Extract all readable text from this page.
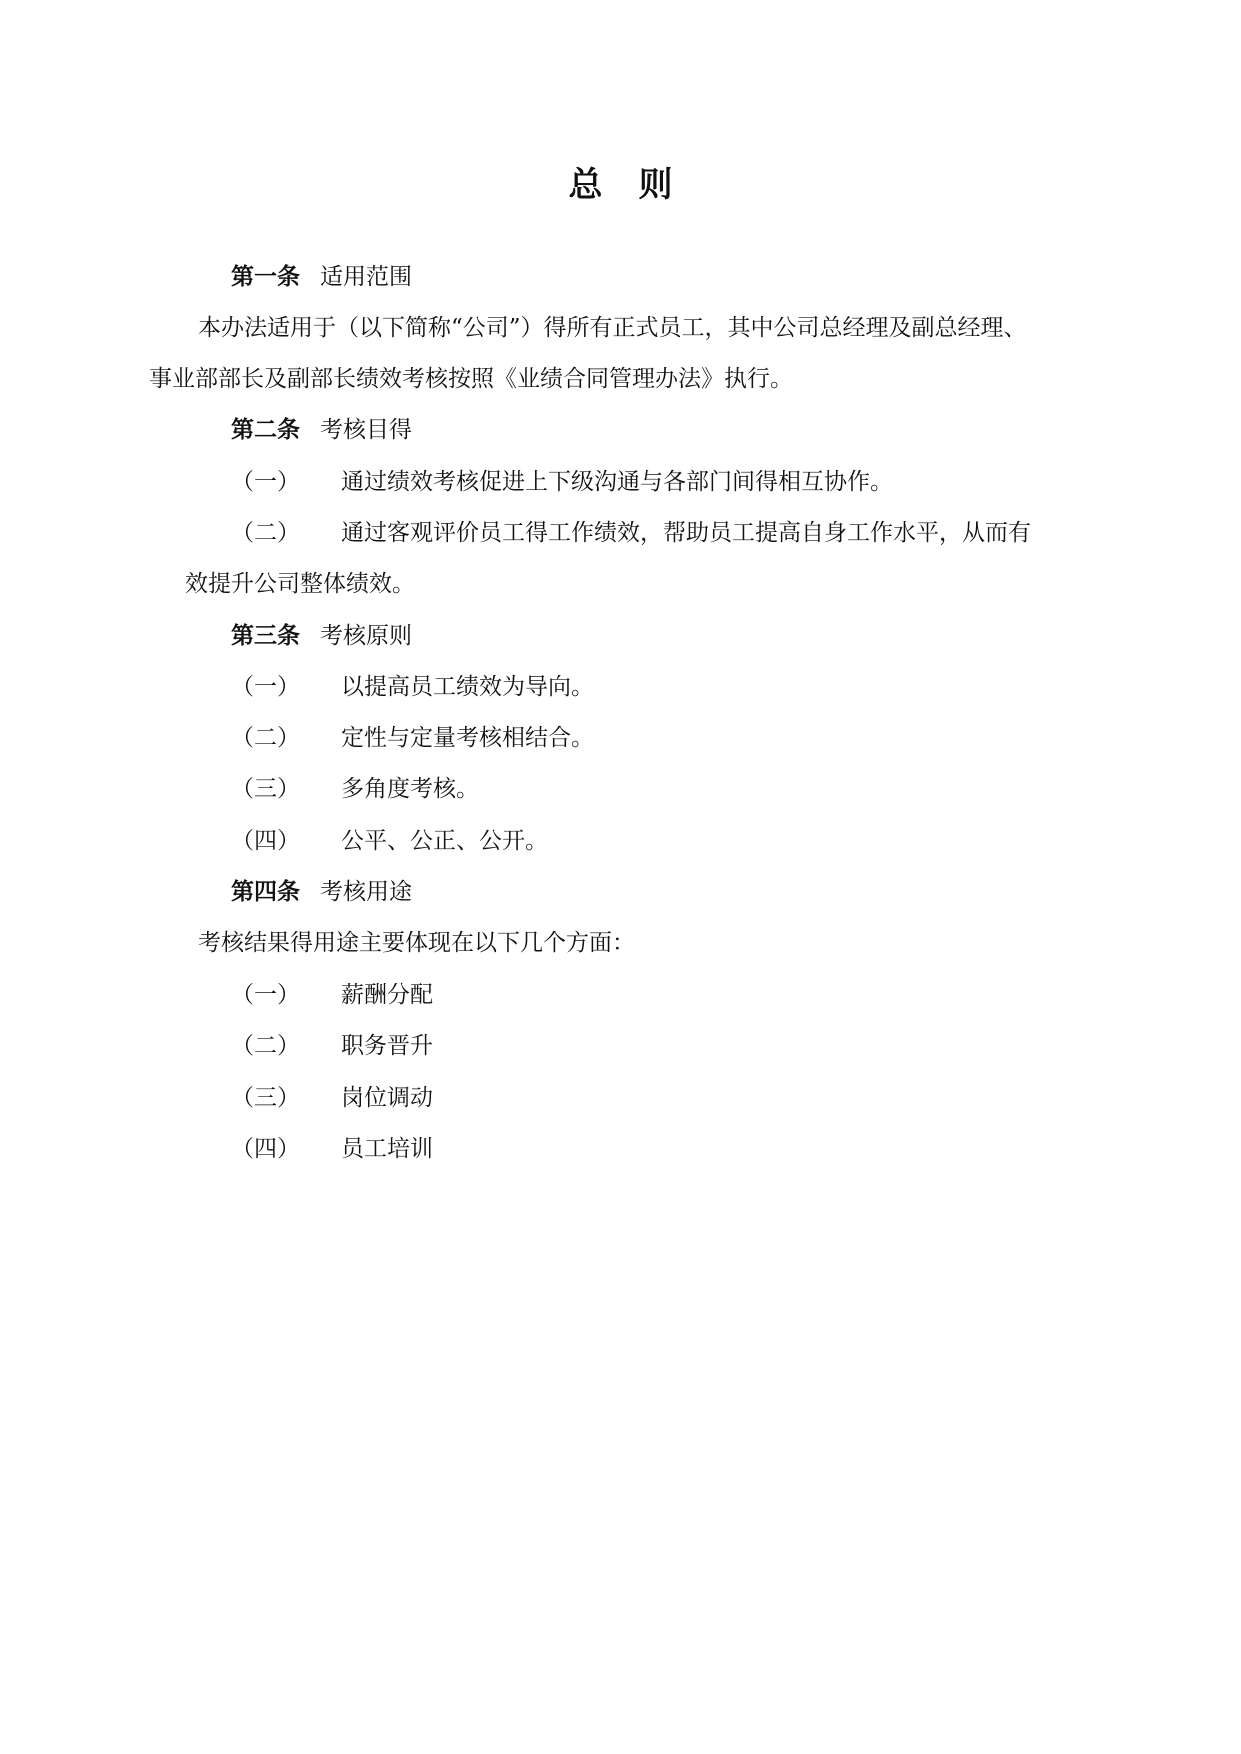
总 则
第一条 适用范围
本办法适用于（以下简称“公司”）得所有正式员工，其中公司总经理及副总经理、
事业部部长及副部长绩效考核按照《业绩合同管理办法》执行。
第二条 考核目得
（一） 通过绩效考核促进上下级沟通与各部门间得相互协作。
（二） 通过客观评价员工得工作绩效，帮助员工提高自身工作水平，从而有
效提升公司整体绩效。
第三条 考核原则
（一） 以提高员工绩效为导向。
（二） 定性与定量考核相结合。
（三） 多角度考核。
（四） 公平、公正、公开。
第四条 考核用途
考核结果得用途主要体现在以下几个方面：
（一） 薪酬分配
（二） 职务晋升
（三） 岗位调动
（四） 员工培训
